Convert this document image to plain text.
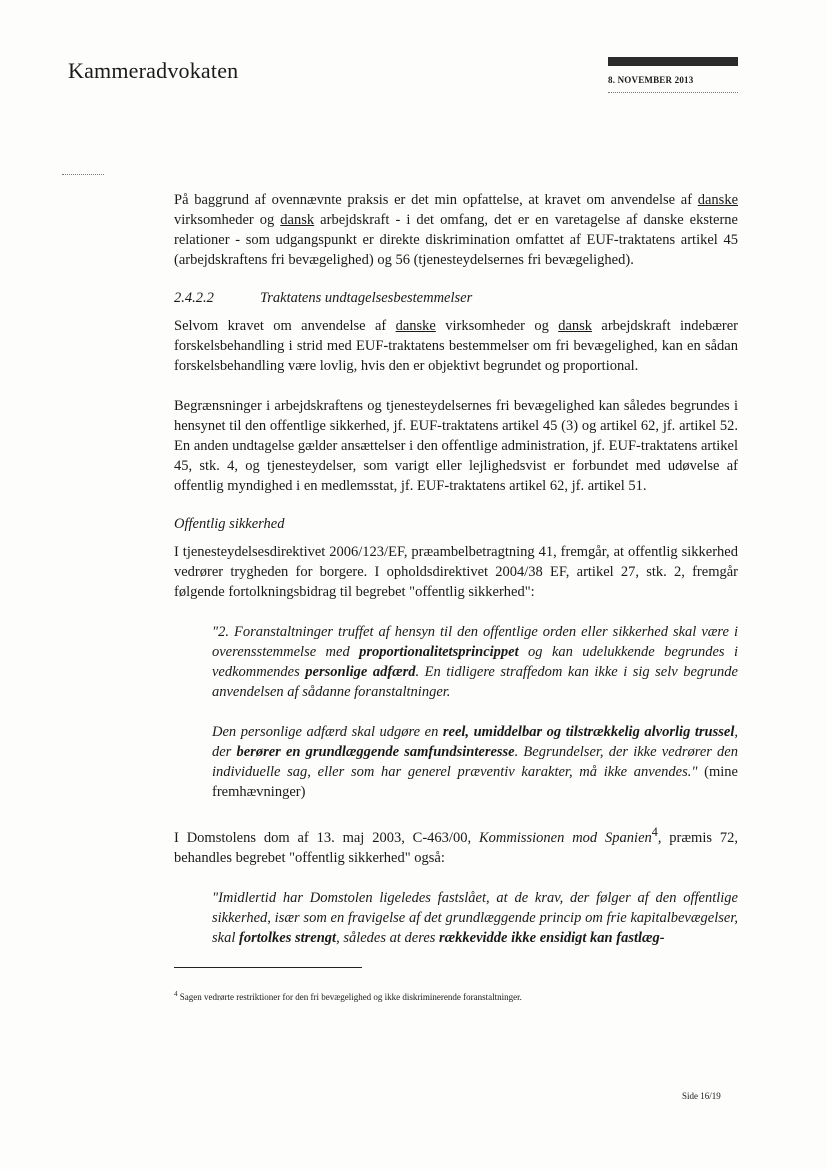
Kammeradvokaten	8. NOVEMBER 2013

På baggrund af ovennævnte praksis er det min opfattelse, at kravet om anvendelse af danske virksomheder og dansk arbejdskraft - i det omfang, det er en varetagelse af danske eksterne relationer - som udgangspunkt er direkte diskrimination omfattet af EUF-traktatens artikel 45 (arbejdskraftens fri bevægelighed) og 56 (tjenesteydelsernes fri bevægelighed).

2.4.2.2	Traktatens undtagelsesbestemmelser

Selvom kravet om anvendelse af danske virksomheder og dansk arbejdskraft indebærer forskelsbehandling i strid med EUF-traktatens bestemmelser om fri bevægelighed, kan en sådan forskelsbehandling være lovlig, hvis den er objektivt begrundet og proportional.

Begrænsninger i arbejdskraftens og tjenesteydelsernes fri bevægelighed kan således begrundes i hensynet til den offentlige sikkerhed, jf. EUF-traktatens artikel 45 (3) og artikel 62, jf. artikel 52. En anden undtagelse gælder ansættelser i den offentlige administration, jf. EUF-traktatens artikel 45, stk. 4, og tjenesteydelser, som varigt eller lejlighedsvist er forbundet med udøvelse af offentlig myndighed i en medlemsstat, jf. EUF-traktatens artikel 62, jf. artikel 51.

Offentlig sikkerhed

I tjenesteydelsesdirektivet 2006/123/EF, præambelbetragtning 41, fremgår, at offentlig sikkerhed vedrører trygheden for borgere. I opholdsdirektivet 2004/38 EF, artikel 27, stk. 2, fremgår følgende fortolkningsbidrag til begrebet "offentlig sikkerhed":

"2. Foranstaltninger truffet af hensyn til den offentlige orden eller sikkerhed skal være i overensstemmelse med proportionalitetsprincippet og kan udelukkende begrundes i vedkommendes personlige adfærd. En tidligere straffedom kan ikke i sig selv begrunde anvendelsen af sådanne foranstaltninger.

Den personlige adfærd skal udgøre en reel, umiddelbar og tilstrækkelig alvorlig trussel, der berører en grundlæggende samfundsinteresse. Begrundelser, der ikke vedrører den individuelle sag, eller som har generel præventiv karakter, må ikke anvendes." (mine fremhævninger)

I Domstolens dom af 13. maj 2003, C-463/00, Kommissionen mod Spanien$^4$, præmis 72, behandles begrebet "offentlig sikkerhed" også:

"Imidlertid har Domstolen ligeledes fastslået, at de krav, der følger af den offentlige sikkerhed, især som en fravigelse af det grundlæggende princip om frie kapitalbevægelser, skal fortolkes strengt, således at deres rækkevidde ikke ensidigt kan fastlæg-

$^4$ Sagen vedrørte restriktioner for den fri bevægelighed og ikke diskriminerende foranstaltninger.
Side 16/19
